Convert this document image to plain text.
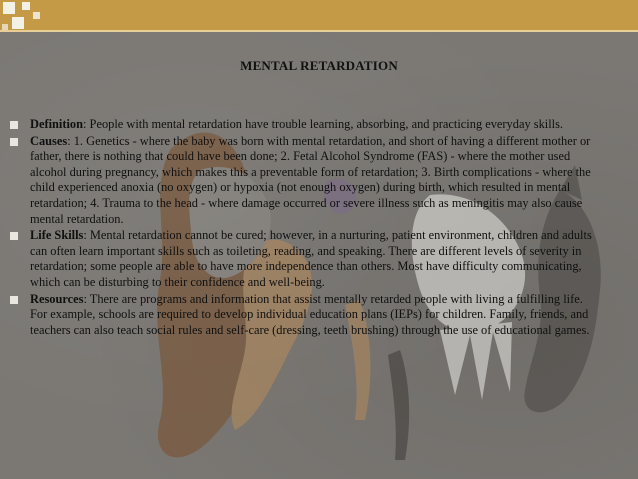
MENTAL RETARDATION
Definition: People with mental retardation have trouble learning, absorbing, and practicing everyday skills.
Causes: 1. Genetics - where the baby was born with mental retardation, and short of having a different mother or father, there is nothing that could have been done; 2. Fetal Alcohol Syndrome (FAS) - where the mother used alcohol during pregnancy, which makes this a preventable form of retardation; 3. Birth complications - where the child experienced anoxia (no oxygen) or hypoxia (not enough oxygen) during birth, which resulted in mental retardation; 4. Trauma to the head - where damage occurred or severe illness such as meningitis may also cause mental retardation.
Life Skills: Mental retardation cannot be cured; however, in a nurturing, patient environment, children and adults can often learn important skills such as toileting, reading, and speaking. There are different levels of severity in retardation; some people are able to have more independence than others. Most have difficulty communicating, which can be disturbing to their confidence and well-being.
Resources: There are programs and information that assist mentally retarded people with living a fulfilling life. For example, schools are required to develop individual education plans (IEPs) for children. Family, friends, and teachers can also teach social rules and self-care (dressing, teeth brushing) through the use of educational games.
